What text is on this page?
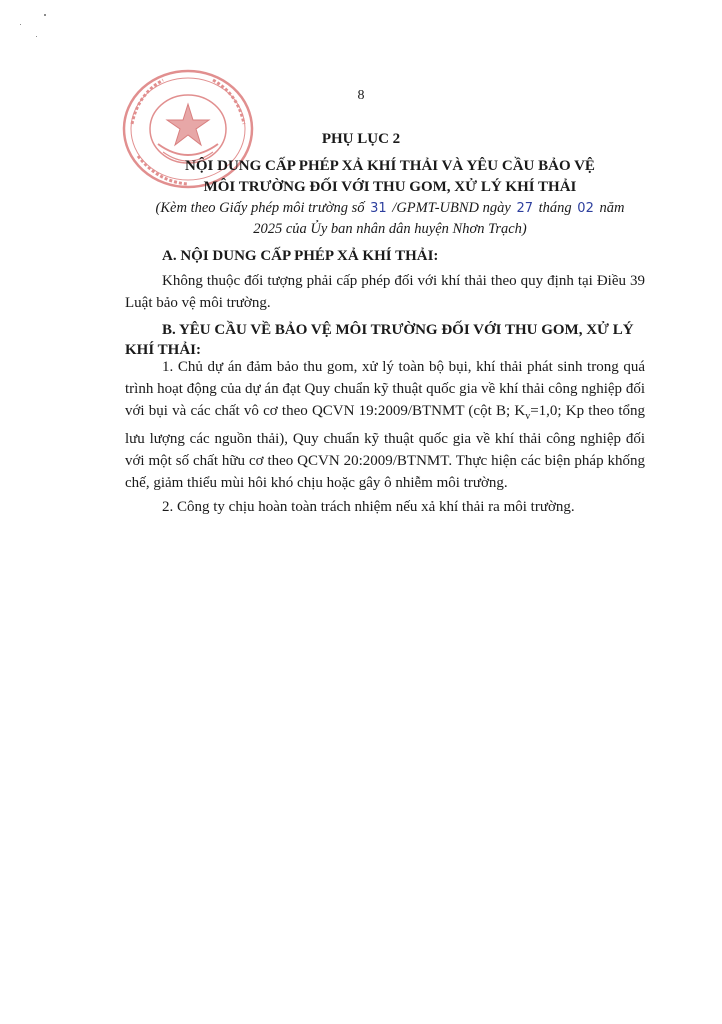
8
PHỤ LỤC 2
NỘI DUNG CẤP PHÉP XẢ KHÍ THẢI VÀ YÊU CẦU BẢO VỆ
MÔI TRƯỜNG ĐỐI VỚI THU GOM, XỬ LÝ KHÍ THẢI
(Kèm theo Giấy phép môi trường số 31 /GPMT-UBND ngày 27 tháng 02 năm
2025 của Ủy ban nhân dân huyện Nhơn Trạch)
A. NỘI DUNG CẤP PHÉP XẢ KHÍ THẢI:
Không thuộc đối tượng phải cấp phép đối với khí thải theo quy định tại Điều 39 Luật bảo vệ môi trường.
B. YÊU CẦU VỀ BẢO VỆ MÔI TRƯỜNG ĐỐI VỚI THU GOM, XỬ LÝ KHÍ THẢI:
1. Chủ dự án đảm bảo thu gom, xử lý toàn bộ bụi, khí thải phát sinh trong quá trình hoạt động của dự án đạt Quy chuẩn kỹ thuật quốc gia về khí thải công nghiệp đối với bụi và các chất vô cơ theo QCVN 19:2009/BTNMT (cột B; $K_v=1,0$; Kp theo tổng lưu lượng các nguồn thải), Quy chuẩn kỹ thuật quốc gia về khí thải công nghiệp đối với một số chất hữu cơ theo QCVN 20:2009/BTNMT. Thực hiện các biện pháp khống chế, giảm thiểu mùi hôi khó chịu hoặc gây ô nhiễm môi trường.
2. Công ty chịu hoàn toàn trách nhiệm nếu xả khí thải ra môi trường.
